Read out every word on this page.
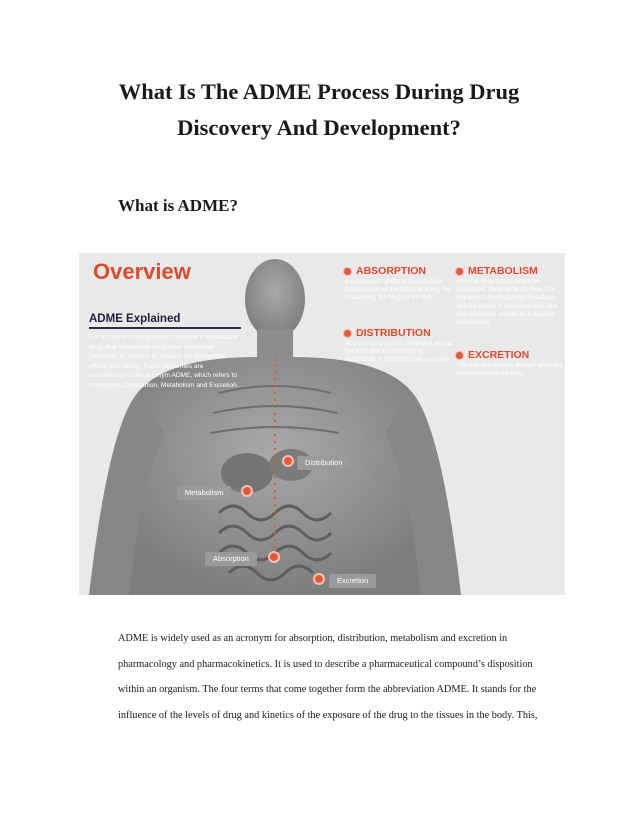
What Is The ADME Process During Drug
Discovery And Development?
What is ADME?
Overview

ADME Explained

For a chemical compound to become a marketable drug, that compound must have favourable properties in addition to efficacy (its therapeutic effect) and safety. These properties are summarised in the acronym ADME, which refers to Absorption, Distribution, Metabolism and Excretion.

ABSORPTION

A compound's ability to pass through barriers such as the intestinal lining, the nasal lining, the lungs or the skin.

DISTRIBUTION

How the compound is distributed around the body and its propensity to accumulate in certain tissues or organs.

METABOLISM

How the body breaks down the compound, normally by the liver. The key issues are drug-drug interactions, and the effects of the metabolites (the new chemicals created as a result of metabolism).

EXCRETION

The rate and process through which the compound exits the body.

Distribution
Metabolism
Absorption
Excretion

ADME is widely used as an acronym for absorption, distribution, metabolism and excretion in
pharmacology and pharmacokinetics. It is used to describe a pharmaceutical compound’s disposition
within an organism. The four terms that come together form the abbreviation ADME. It stands for the
influence of the levels of drug and kinetics of the exposure of the drug to the tissues in the body. This,
